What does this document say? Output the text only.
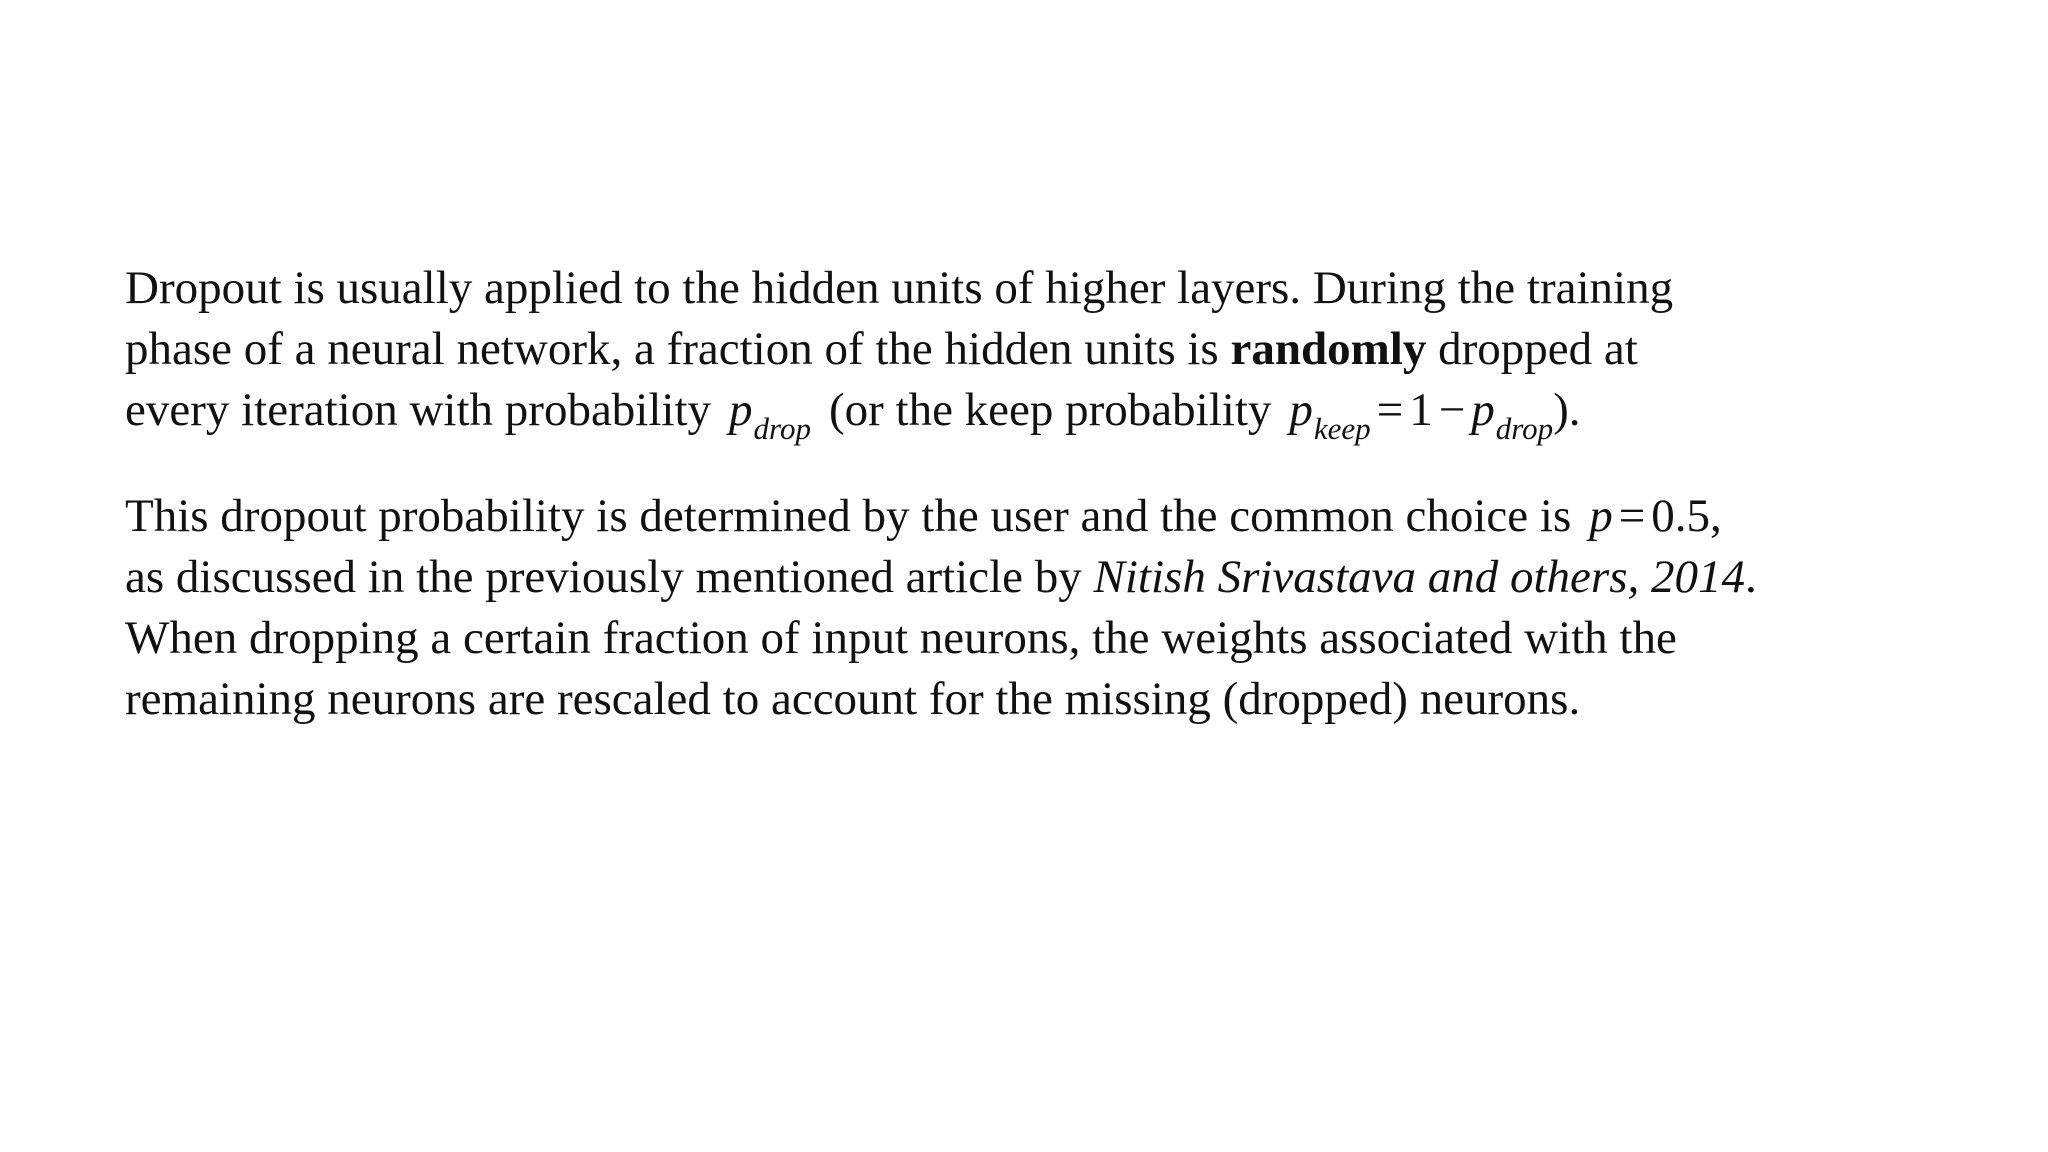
Dropout is usually applied to the hidden units of higher layers. During the training
phase of a neural network, a fraction of the hidden units is randomly dropped at
every iteration with probability $p_{drop}$ (or the keep probability $p_{keep} = 1 - p_{drop}$).

This dropout probability is determined by the user and the common choice is p = 0.5,
as discussed in the previously mentioned article by Nitish Srivastava and others, 2014.
When dropping a certain fraction of input neurons, the weights associated with the
remaining neurons are rescaled to account for the missing (dropped) neurons.
